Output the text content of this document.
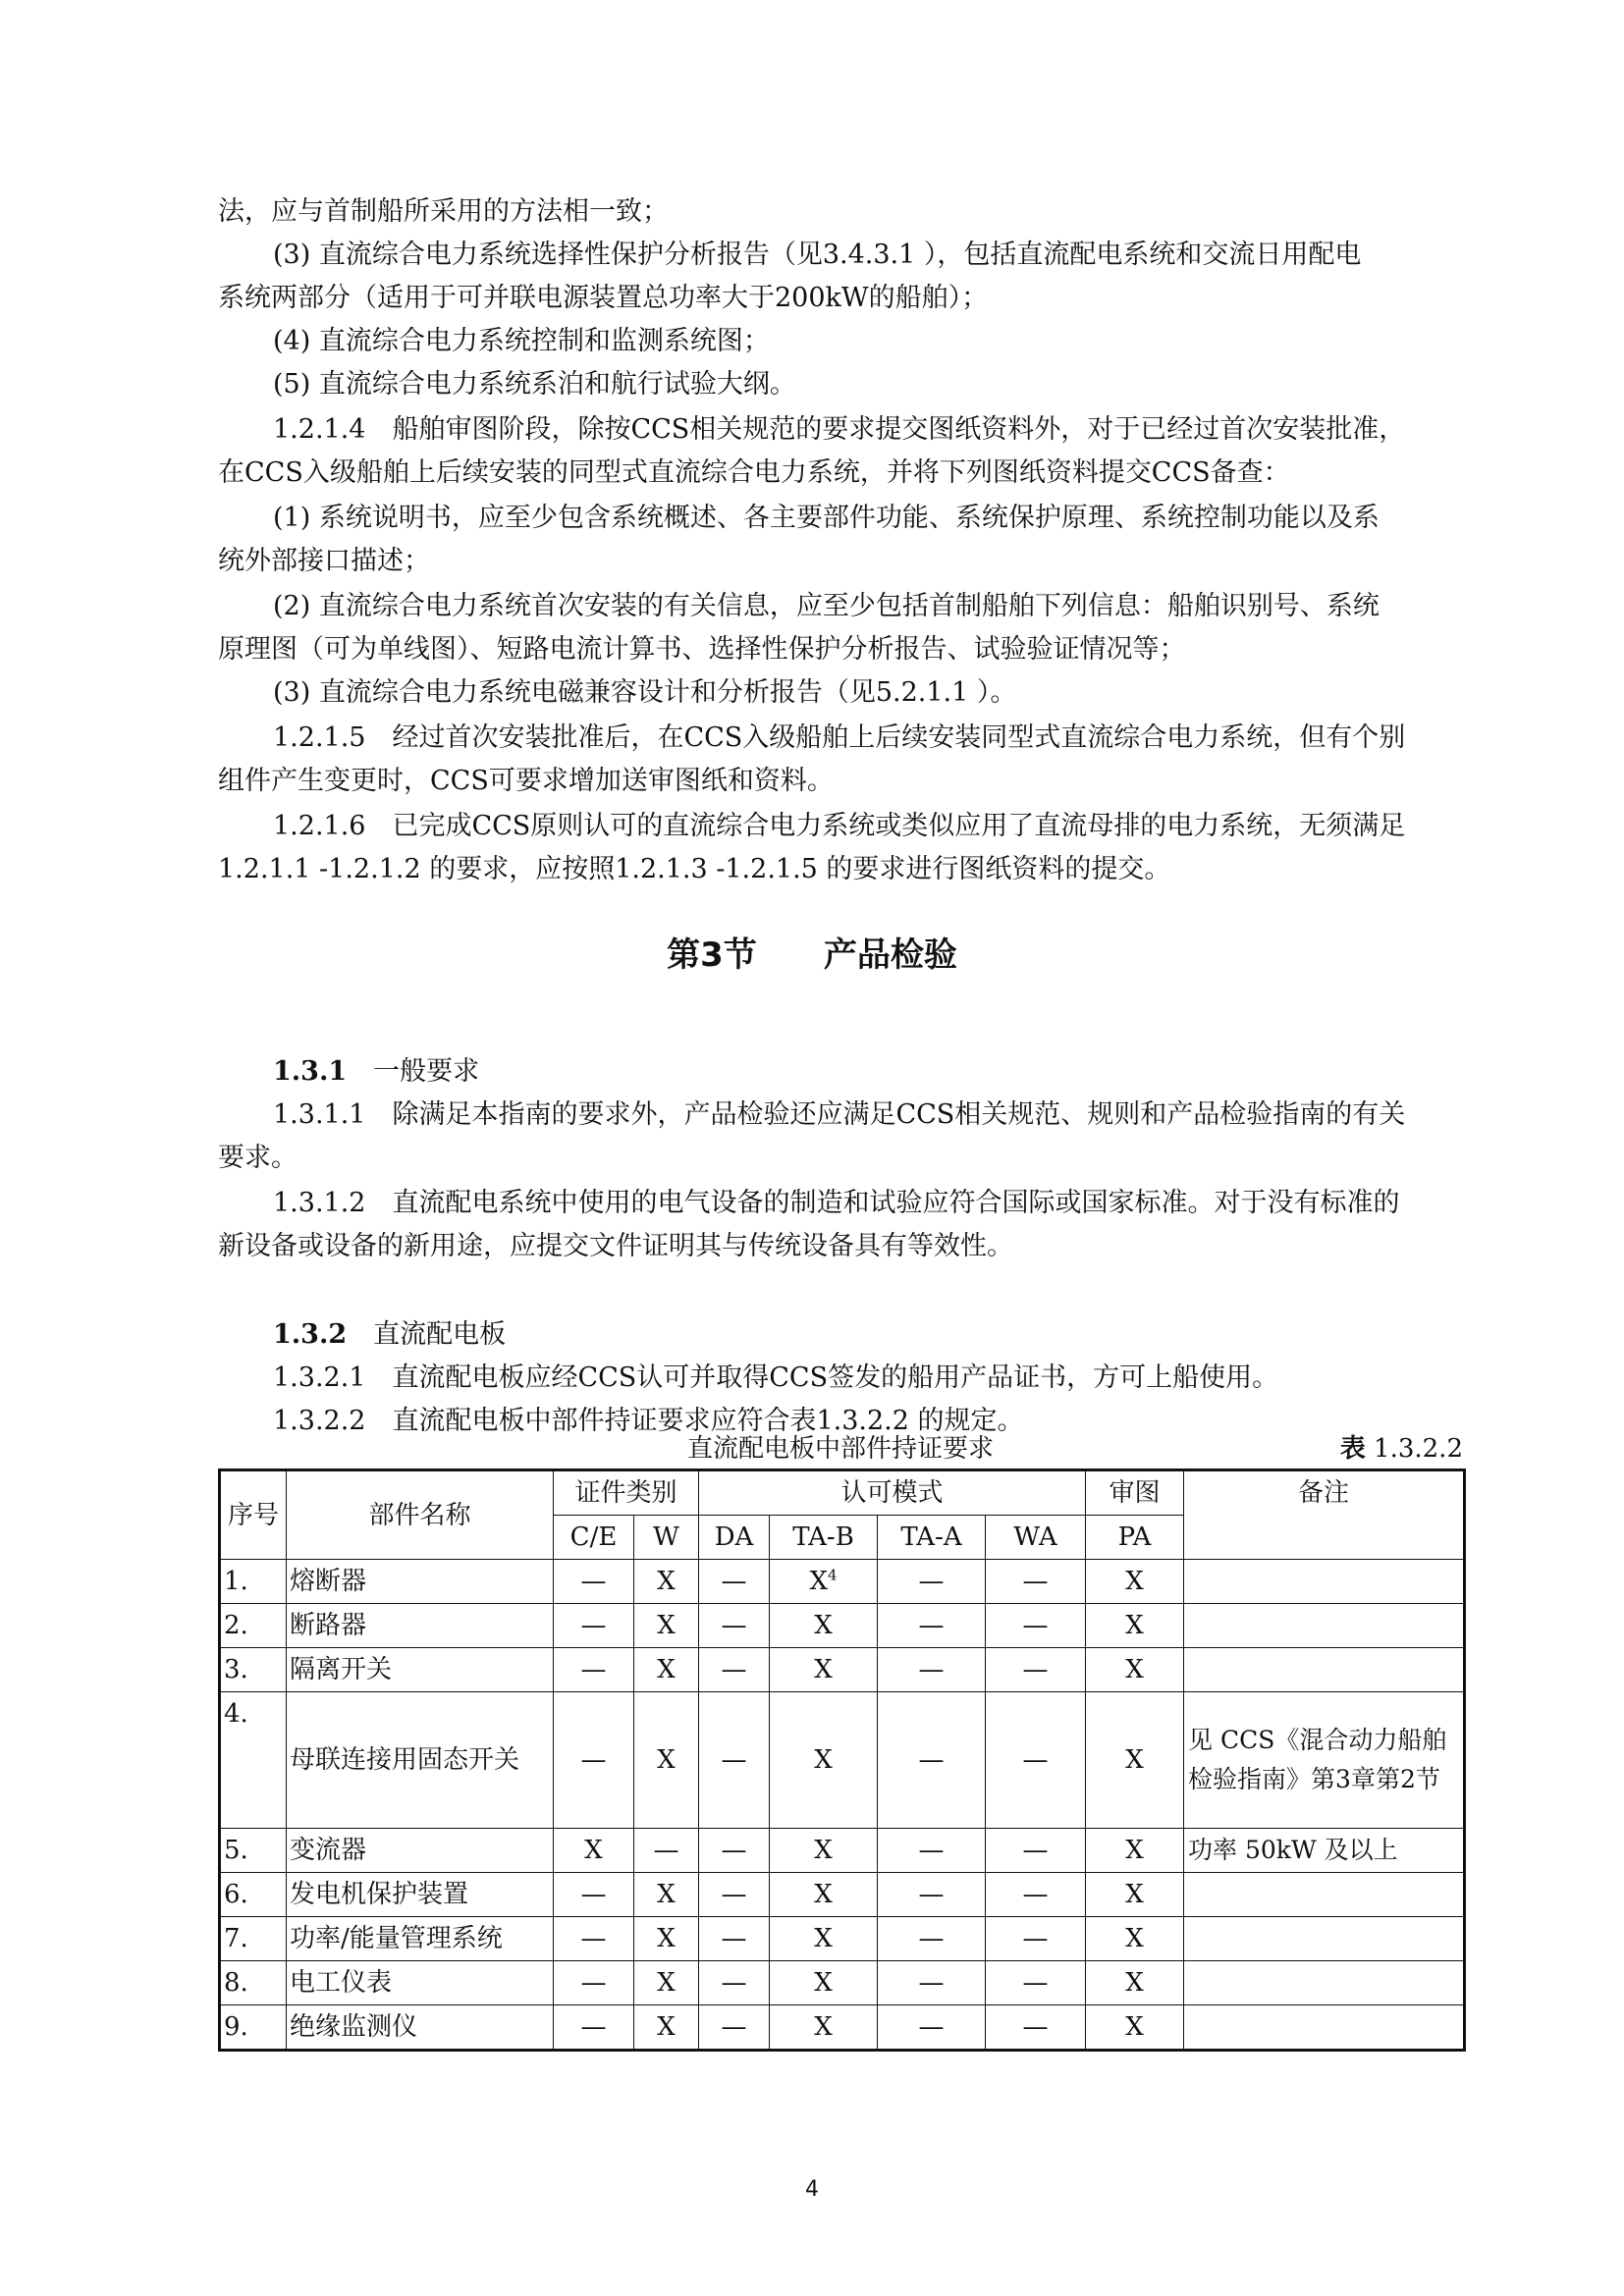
法，应与首制船所采用的方法相一致；
(3) 直流综合电力系统选择性保护分析报告（见3.4.3.1 ），包括直流配电系统和交流日用配电
系统两部分（适用于可并联电源装置总功率大于200kW的船舶）；
(4) 直流综合电力系统控制和监测系统图；
(5) 直流综合电力系统系泊和航行试验大纲。
1.2.1.4　船舶审图阶段，除按CCS相关规范的要求提交图纸资料外，对于已经过首次安装批准，
在CCS入级船舶上后续安装的同型式直流综合电力系统，并将下列图纸资料提交CCS备查：
(1) 系统说明书，应至少包含系统概述、各主要部件功能、系统保护原理、系统控制功能以及系
统外部接口描述；
(2) 直流综合电力系统首次安装的有关信息，应至少包括首制船舶下列信息：船舶识别号、系统
原理图（可为单线图）、短路电流计算书、选择性保护分析报告、试验验证情况等；
(3) 直流综合电力系统电磁兼容设计和分析报告（见5.2.1.1 ）。
1.2.1.5　经过首次安装批准后，在CCS入级船舶上后续安装同型式直流综合电力系统，但有个别
组件产生变更时，CCS可要求增加送审图纸和资料。
1.2.1.6　已完成CCS原则认可的直流综合电力系统或类似应用了直流母排的电力系统，无须满足
1.2.1.1 -1.2.1.2 的要求，应按照1.2.1.3 -1.2.1.5 的要求进行图纸资料的提交。
第3节　　 产品检验
1.3.1　 一般要求
1.3.1.1　除满足本指南的要求外，产品检验还应满足CCS相关规范、规则和产品检验指南的有关
要求。
1.3.1.2　直流配电系统中使用的电气设备的制造和试验应符合国际或国家标准。对于没有标准的
新设备或设备的新用途，应提交文件证明其与传统设备具有等效性。
1.3.2　 直流配电板
1.3.2.1　直流配电板应经CCS认可并取得CCS签发的船用产品证书，方可上船使用。
1.3.2.2　直流配电板中部件持证要求应符合表1.3.2.2 的规定。
直流配电板中部件持证要求	表 1.3.2.2
序号	部件名称	证件类别		认可模式				审图	备注
		C/E	W	DA	TA-B	TA-A	WA	PA	
1.	熔断器	—	X	—	$X^4$	—	—	X	
2.	断路器	—	X	—	X	—	—	X	
3.	隔离开关	—	X	—	X	—	—	X	
4.	母联连接用固态开关	—	X	—	X	—	—	X	见 CCS《混合动力船舶检验指南》第3章第2节
5.	变流器	X	—	—	X	—	—	X	功率 50kW 及以上
6.	发电机保护装置	—	X	—	X	—	—	X	
7.	功率/能量管理系统	—	X	—	X	—	—	X	
8.	电工仪表	—	X	—	X	—	—	X	
9.	绝缘监测仪	—	X	—	X	—	—	X	
4
